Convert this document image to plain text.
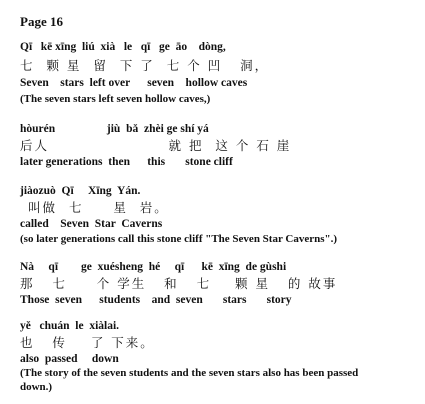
Page 16
Qī   kē xīng  liú  xià   le   qī   ge  āo    dòng,
七  颗 星  留  下 了  七 个 凹   洞，
Seven    stars  left over      seven    hollow caves
(The seven stars left seven hollow caves,)
hòurén                  jiù  bǎ  zhèi ge shí yá
后人                    就 把  这 个 石 崖
later generations  then      this       stone cliff
jiàozuò  Qī     Xīng  Yán.
叫做  七     星  岩。
called    Seven  Star  Caverns
(so later generations call this stone cliff "The Seven Star Caverns".)
Nà     qī        ge  xuésheng  hé     qī      kē  xīng  de gùshi
那   七     个 学生   和   七    颗 星   的 故事
Those  seven      students    and  seven       stars       story
yě   chuán  le  xiàlai.
也   传    了 下来。
also  passed     down
(The story of the seven students and the seven stars also has been passed
down.)
